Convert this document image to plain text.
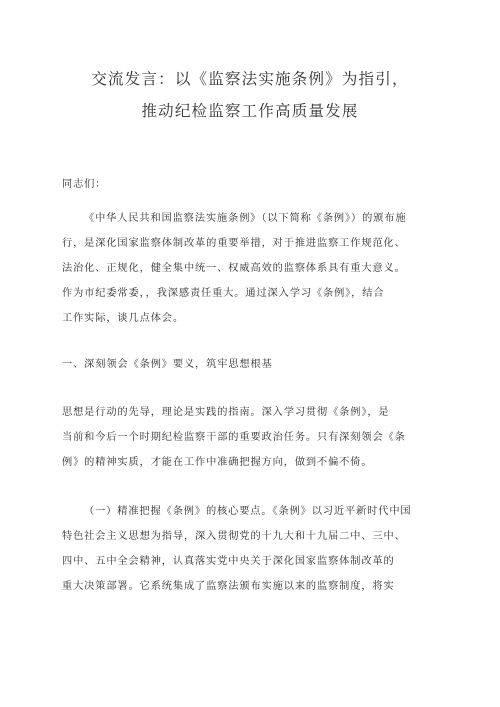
交流发言：以《监察法实施条例》为指引，
推动纪检监察工作高质量发展
同志们：
《中华人民共和国监察法实施条例》（以下简称《条例》）的颁布施
行，是深化国家监察体制改革的重要举措，对于推进监察工作规范化、
法治化、正规化，健全集中统一、权威高效的监察体系具有重大意义。
作为市纪委常委，，我深感责任重大。通过深入学习《条例》，结合
工作实际，谈几点体会。
一、深刻领会《条例》要义，筑牢思想根基
思想是行动的先导，理论是实践的指南。深入学习贯彻《条例》，是
当前和今后一个时期纪检监察干部的重要政治任务。只有深刻领会《条
例》的精神实质，才能在工作中准确把握方向，做到不偏不倚。
（一）精准把握《条例》的核心要点。《条例》以习近平新时代中国
特色社会主义思想为指导，深入贯彻党的十九大和十九届二中、三中、
四中、五中全会精神，认真落实党中央关于深化国家监察体制改革的
重大决策部署。它系统集成了监察法颁布实施以来的监察制度，将实
